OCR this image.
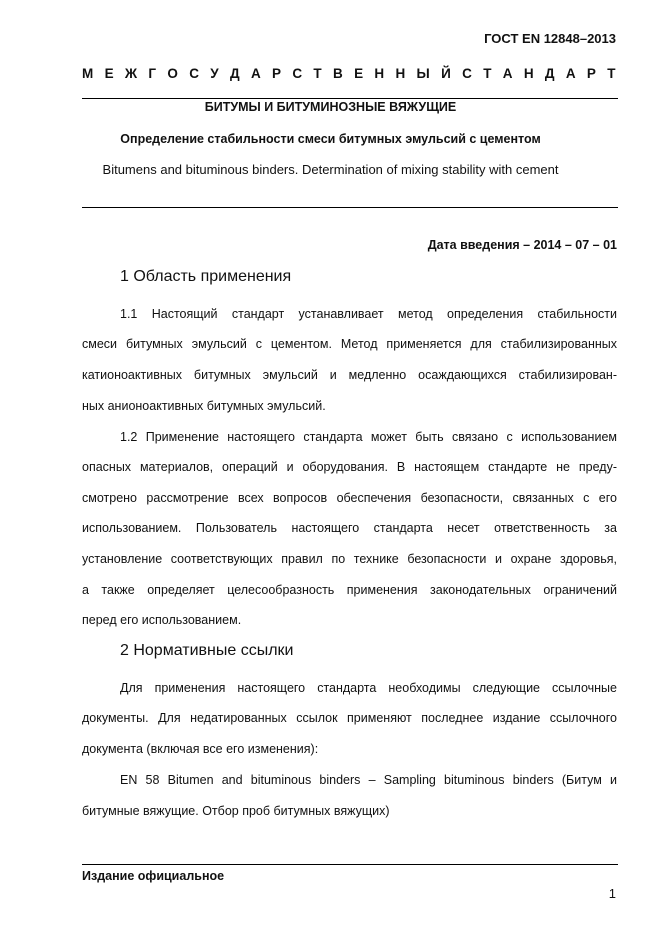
ГОСТ EN 12848–2013
М Е Ж Г О С У Д А Р С Т В Е Н Н Ы Й С Т А Н Д А Р Т
БИТУМЫ И БИТУМИНОЗНЫЕ ВЯЖУЩИЕ
Определение стабильности смеси битумных эмульсий с цементом
Bitumens and bituminous binders. Determination of mixing stability with cement
Дата введения – 2014 – 07 – 01
1 Область применения
1.1 Настоящий стандарт устанавливает метод определения стабильности
смеси битумных эмульсий с цементом. Метод применяется для стабилизированных
катионоактивных битумных эмульсий и медленно осаждающихся стабилизирован-
ных анионоактивных битумных эмульсий.
1.2 Применение настоящего стандарта может быть связано с использованием
опасных материалов, операций и оборудования. В настоящем стандарте не преду-
смотрено рассмотрение всех вопросов обеспечения безопасности, связанных с его
использованием. Пользователь настоящего стандарта несет ответственность за
установление соответствующих правил по технике безопасности и охране здоровья,
а также определяет целесообразность применения законодательных ограничений
перед его использованием.
2 Нормативные ссылки
Для применения настоящего стандарта необходимы следующие ссылочные
документы. Для недатированных ссылок применяют последнее издание ссылочного
документа (включая все его изменения):
EN 58 Bitumen and bituminous binders – Sampling bituminous binders (Битум и
битумные вяжущие. Отбор проб битумных вяжущих)
Издание официальное
1
